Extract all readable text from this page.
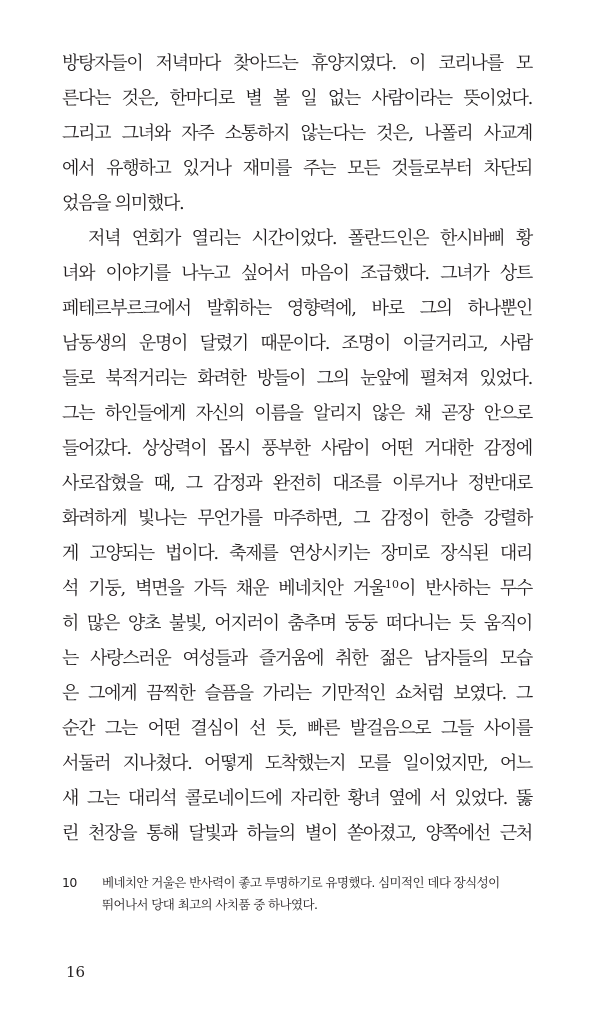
방탕자들이 저녁마다 찾아드는 휴양지였다. 이 코리나를 모
른다는 것은, 한마디로 별 볼 일 없는 사람이라는 뜻이었다.
그리고 그녀와 자주 소통하지 않는다는 것은, 나폴리 사교계
에서 유행하고 있거나 재미를 주는 모든 것들로부터 차단되
었음을 의미했다.
저녁 연회가 열리는 시간이었다. 폴란드인은 한시바삐 황
녀와 이야기를 나누고 싶어서 마음이 조급했다. 그녀가 상트
페테르부르크에서 발휘하는 영향력에, 바로 그의 하나뿐인
남동생의 운명이 달렸기 때문이다. 조명이 이글거리고, 사람
들로 북적거리는 화려한 방들이 그의 눈앞에 펼쳐져 있었다.
그는 하인들에게 자신의 이름을 알리지 않은 채 곧장 안으로
들어갔다. 상상력이 몹시 풍부한 사람이 어떤 거대한 감정에
사로잡혔을 때, 그 감정과 완전히 대조를 이루거나 정반대로
화려하게 빛나는 무언가를 마주하면, 그 감정이 한층 강렬하
게 고양되는 법이다. 축제를 연상시키는 장미로 장식된 대리
석 기둥, 벽면을 가득 채운 베네치안 거울$^{10}$이 반사하는 무수
히 많은 양초 불빛, 어지러이 춤추며 둥둥 떠다니는 듯 움직이
는 사랑스러운 여성들과 즐거움에 취한 젊은 남자들의 모습
은 그에게 끔찍한 슬픔을 가리는 기만적인 쇼처럼 보였다. 그
순간 그는 어떤 결심이 선 듯, 빠른 발걸음으로 그들 사이를
서둘러 지나쳤다. 어떻게 도착했는지 모를 일이었지만, 어느
새 그는 대리석 콜로네이드에 자리한 황녀 옆에 서 있었다. 뚫
린 천장을 통해 달빛과 하늘의 별이 쏟아졌고, 양쪽에선 근처
10 베네치안 거울은 반사력이 좋고 투명하기로 유명했다. 심미적인 데다 장식성이
뛰어나서 당대 최고의 사치품 중 하나였다.
16
